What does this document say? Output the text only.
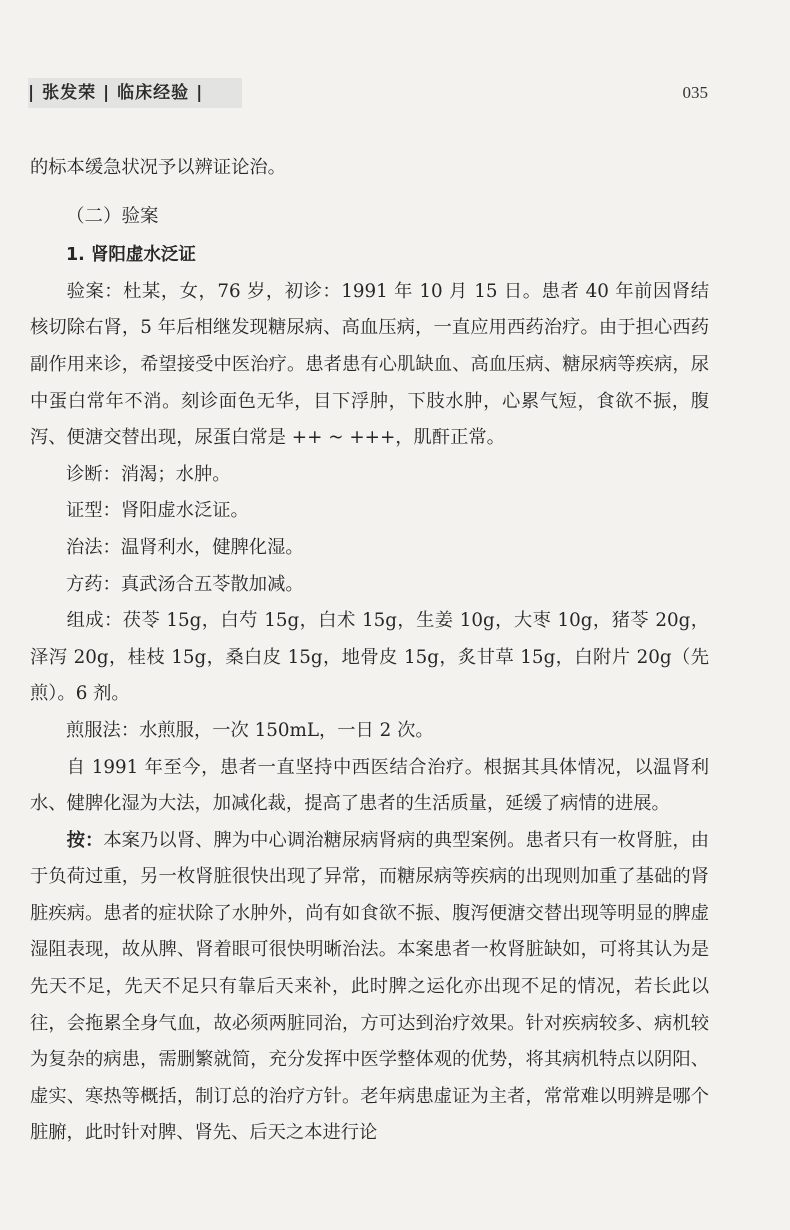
| 张发荣 | 临床经验 |	035

的标本缓急状况予以辨证论治。

（二）验案

1. 肾阳虚水泛证

验案：杜某，女，76 岁，初诊：1991 年 10 月 15 日。患者 40 年前因肾结核切除右肾，5 年后相继发现糖尿病、高血压病，一直应用西药治疗。由于担心西药副作用来诊，希望接受中医治疗。患者患有心肌缺血、高血压病、糖尿病等疾病，尿中蛋白常年不消。刻诊面色无华，目下浮肿，下肢水肿，心累气短，食欲不振，腹泻、便溏交替出现，尿蛋白常是 ++ ~ +++，肌酐正常。

诊断：消渴；水肿。

证型：肾阳虚水泛证。

治法：温肾利水，健脾化湿。

方药：真武汤合五苓散加减。

组成：茯苓 15g，白芍 15g，白术 15g，生姜 10g，大枣 10g，猪苓 20g，泽泻 20g，桂枝 15g，桑白皮 15g，地骨皮 15g，炙甘草 15g，白附片 20g（先煎）。6 剂。

煎服法：水煎服，一次 150mL，一日 2 次。

自 1991 年至今，患者一直坚持中西医结合治疗。根据其具体情况，以温肾利水、健脾化湿为大法，加减化裁，提高了患者的生活质量，延缓了病情的进展。

按：本案乃以肾、脾为中心调治糖尿病肾病的典型案例。患者只有一枚肾脏，由于负荷过重，另一枚肾脏很快出现了异常，而糖尿病等疾病的出现则加重了基础的肾脏疾病。患者的症状除了水肿外，尚有如食欲不振、腹泻便溏交替出现等明显的脾虚湿阻表现，故从脾、肾着眼可很快明晰治法。本案患者一枚肾脏缺如，可将其认为是先天不足，先天不足只有靠后天来补，此时脾之运化亦出现不足的情况，若长此以往，会拖累全身气血，故必须两脏同治，方可达到治疗效果。针对疾病较多、病机较为复杂的病患，需删繁就简，充分发挥中医学整体观的优势，将其病机特点以阴阳、虚实、寒热等概括，制订总的治疗方针。老年病患虚证为主者，常常难以明辨是哪个脏腑，此时针对脾、肾先、后天之本进行论
